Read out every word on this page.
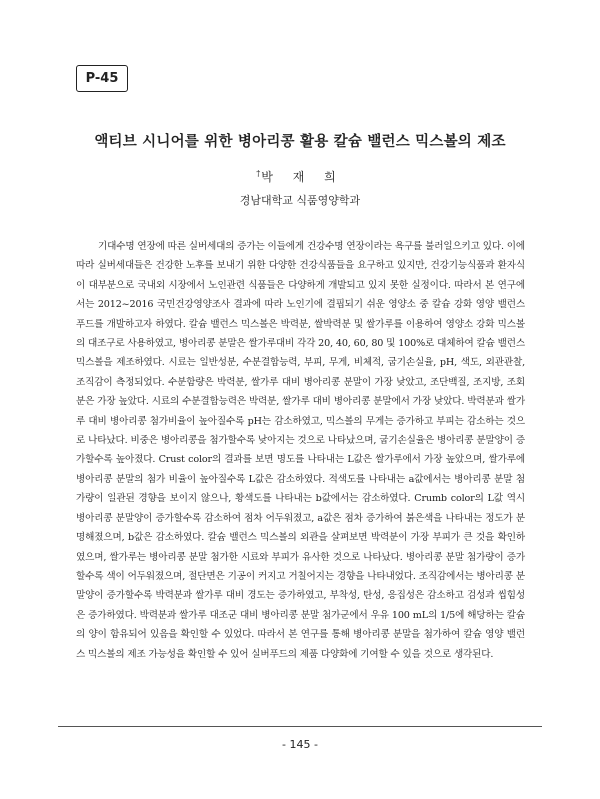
P-45
액티브 시니어를 위한 병아리콩 활용 칼슘 밸런스 믹스볼의 제조
†박 재 희
경남대학교 식품영양학과

기대수명 연장에 따른 실버세대의 증가는 이들에게 건강수명 연장이라는 욕구를 불러일으키고 있다. 이에 따라 실버세대들은 건강한 노후를 보내기 위한 다양한 건강식품들을 요구하고 있지만, 건강기능식품과 환자식이 대부분으로 국내외 시장에서 노인관련 식품들은 다양하게 개발되고 있지 못한 실정이다. 따라서 본 연구에서는 2012~2016 국민건강영양조사 결과에 따라 노인기에 결핍되기 쉬운 영양소 중 칼슘 강화 영양 밸런스 푸드를 개발하고자 하였다. 칼슘 밸런스 믹스볼은 박력분, 쌀박력분 및 쌀가루를 이용하여 영양소 강화 믹스볼의 대조구로 사용하였고, 병아리콩 분말은 쌀가루대비 각각 20, 40, 60, 80 및 100%로 대체하여 칼슘 밸런스 믹스볼을 제조하였다. 시료는 일반성분, 수분결합능력, 부피, 무게, 비체적, 굽기손실율, pH, 색도, 외관관찰, 조직감이 측정되었다. 수분함량은 박력분, 쌀가루 대비 병아리콩 분말이 가장 낮았고, 조단백질, 조지방, 조회분은 가장 높았다. 시료의 수분결합능력은 박력분, 쌀가루 대비 병아리콩 분말에서 가장 낮았다. 박력분과 쌀가루 대비 병아리콩 첨가비율이 높아질수록 pH는 감소하였고, 믹스볼의 무게는 증가하고 부피는 감소하는 것으로 나타났다. 비중은 병아리콩을 첨가할수록 낮아지는 것으로 나타났으며, 굽기손실율은 병아리콩 분말양이 증가할수록 높아졌다. Crust color의 결과를 보면 명도를 나타내는 L값은 쌀가루에서 가장 높았으며, 쌀가루에 병아리콩 분말의 첨가 비율이 높아질수록 L값은 감소하였다. 적색도를 나타내는 a값에서는 병아리콩 분말 첨가량이 일관된 경향을 보이지 않으나, 황색도를 나타내는 b값에서는 감소하였다. Crumb color의 L값 역시 병아리콩 분말양이 증가할수록 감소하여 점차 어두워졌고, a값은 점차 증가하여 붉은색을 나타내는 정도가 분명해졌으며, b값은 감소하였다. 칼슘 밸런스 믹스볼의 외관을 살펴보면 박력분이 가장 부피가 큰 것을 확인하였으며, 쌀가루는 병아리콩 분말 첨가한 시료와 부피가 유사한 것으로 나타났다. 병아리콩 분말 첨가량이 증가할수록 색이 어두워졌으며, 절단면은 기공이 커지고 거칠어지는 경향을 나타내었다. 조직감에서는 병아리콩 분말양이 증가할수록 박력분과 쌀가루 대비 경도는 증가하였고, 부착성, 탄성, 응집성은 감소하고 검성과 씹힘성은 증가하였다. 박력분과 쌀가루 대조군 대비 병아리콩 분말 첨가군에서 우유 100 mL의 1/5에 해당하는 칼슘의 양이 함유되어 있음을 확인할 수 있었다. 따라서 본 연구를 통해 병아리콩 분말을 첨가하여 칼슘 영양 밸런스 믹스볼의 제조 가능성을 확인할 수 있어 실버푸드의 제품 다양화에 기여할 수 있을 것으로 생각된다.

- 145 -
